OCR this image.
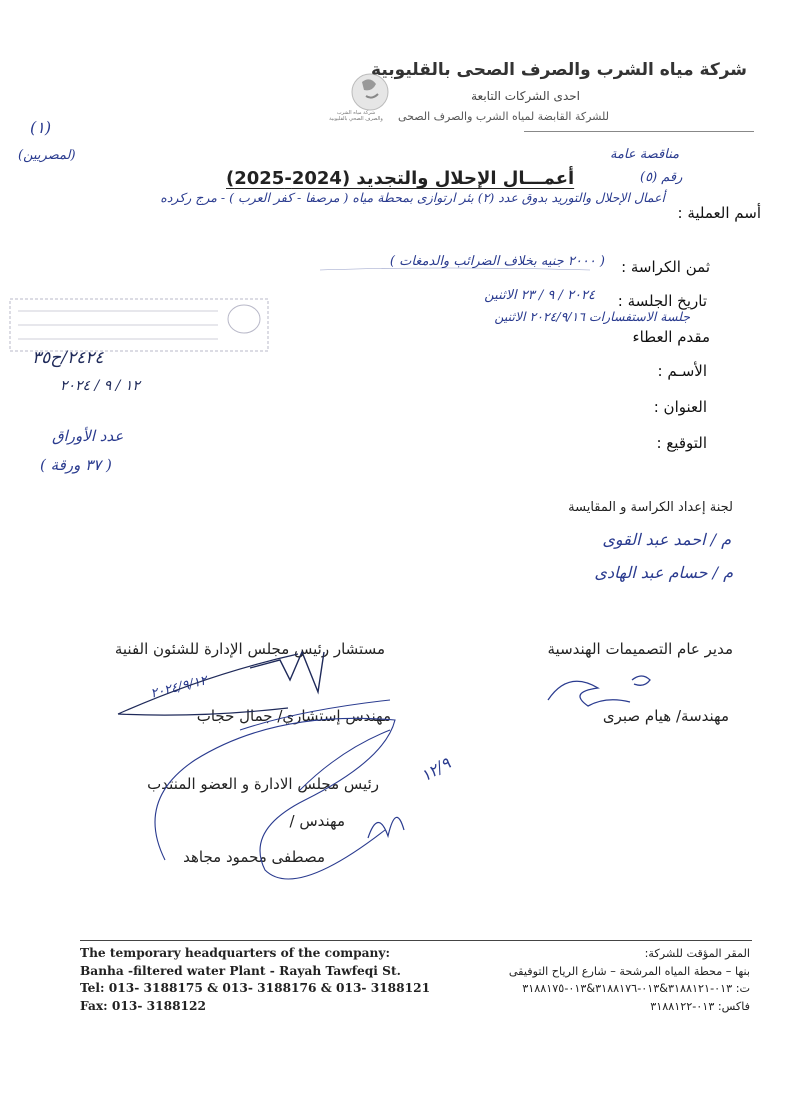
شركة مياه الشرب
والصرف الصحي بالقليوبية
شركة مياه الشرب والصرف الصحى بالقليوبية
احدى الشركات التابعة
للشركة القابضة لمياه الشرب والصرف الصحى
(١)
(لمصريين)	مناقصة عامة
رقم (٥)
أعمـــال الإحلال والتجديد (2024-2025)
أسم العملية :
أعمال الإحلال والتوريد بدوق عدد (٢) بئر ارتوازى بمحطة مياه ( مرصفا - كفر العرب ) - مرج ركرده
ثمن الكراسة :
( ٢٠٠٠ جنيه بخلاف الضرائب والدمغات )
تاريخ الجلسة :
٢٠٢٤ / ٩ / ٢٣ الاثنين
جلسة الاستفسارات ٢٠٢٤/٩/١٦ الاثنين
مقدم العطاء
٢٤٢٤/ح٣٥
١٢ / ٩ / ٢٠٢٤
الأسـم :
العنوان :
التوقيع :
عدد الأوراق
( ٣٧ ورقة )
لجنة إعداد الكراسة و المقايسة
م / احمد عبد القوى
م / حسام عبد الهادى
مدير عام التصميمات الهندسية
مهندسة/ هيام صبرى
مستشار رئيس مجلس الإدارة للشئون الفنية
مهندس إستشاري/ جمال حجاب
٢٠٢٤/٩/١٢
رئيس مجلس الادارة و العضو المنتدب
مهندس /
مصطفى محمود مجاهد
١٢/٩
The temporary headquarters of the company:
Banha -filtered water Plant - Rayah Tawfeqi St.
Tel: 013- 3188175 & 013- 3188176 & 013- 3188121
Fax: 013- 3188122
المقر المؤقت للشركة:
بنها – محطة المياه المرشحة – شارع الرياح التوفيقى
ت: ٠١٣-٣١٨٨١٢١&٠١٣-٣١٨٨١٧٦&٠١٣-٣١٨٨١٧٥
فاكس: ٠١٣-٣١٨٨١٢٢
